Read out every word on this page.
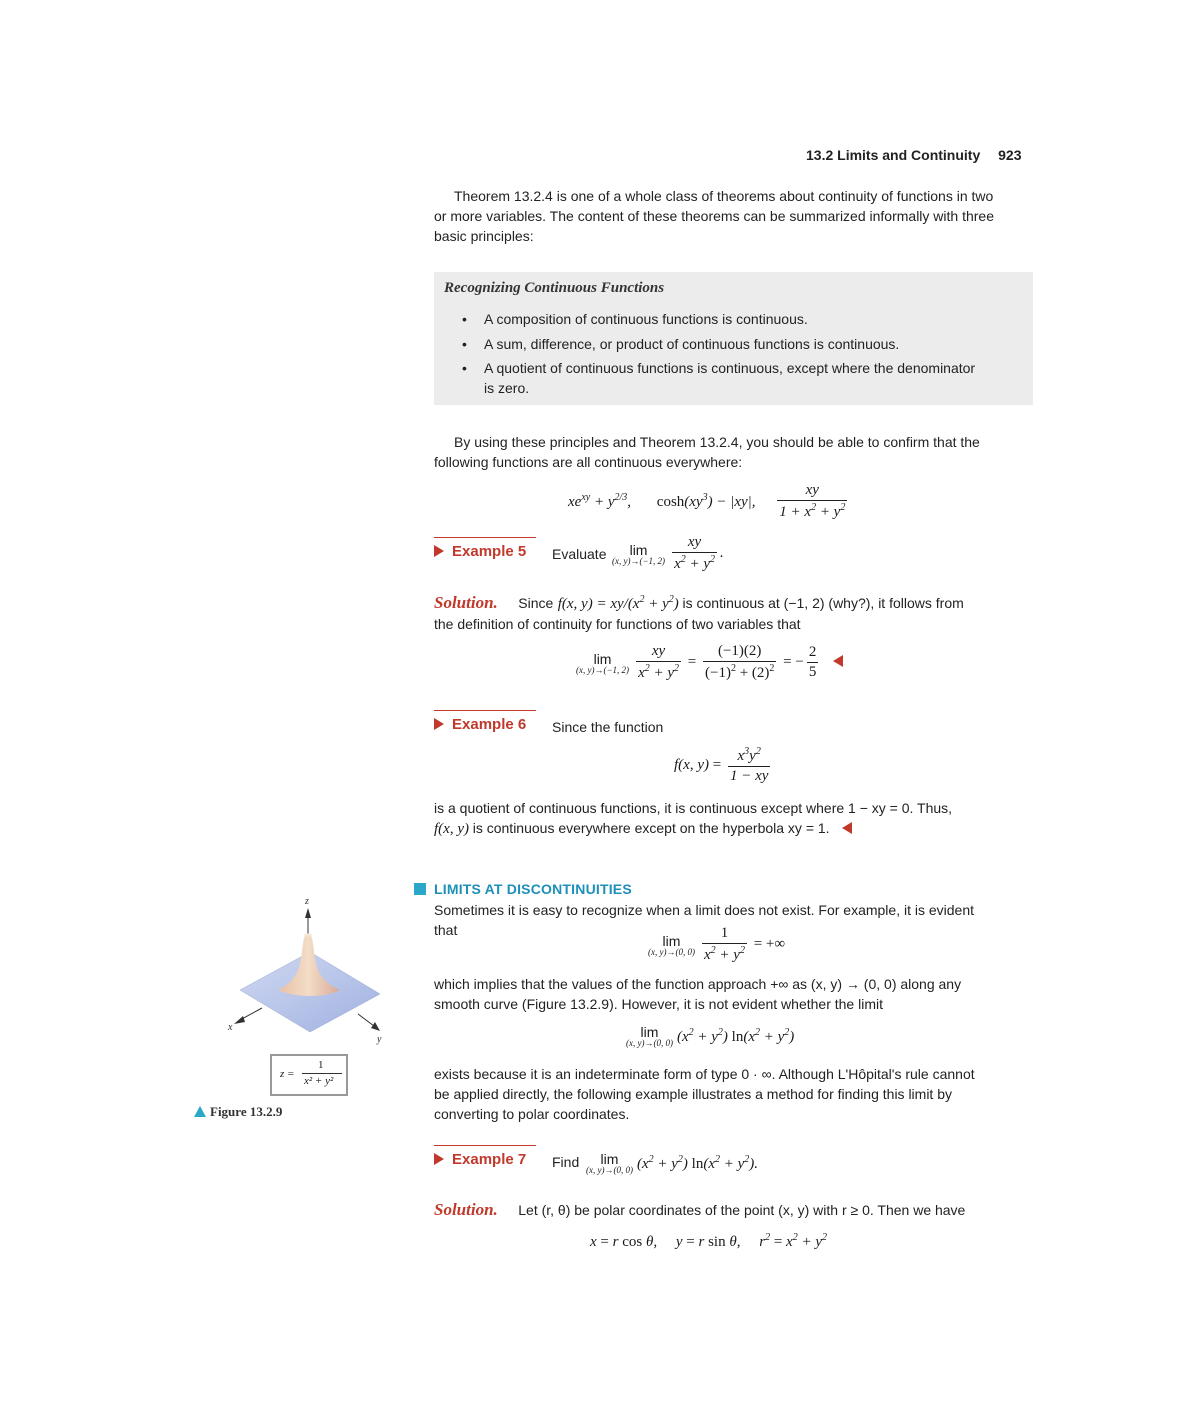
13.2 Limits and Continuity 923
Theorem 13.2.4 is one of a whole class of theorems about continuity of functions in two
or more variables. The content of these theorems can be summarized informally with three
basic principles:
Recognizing Continuous Functions
• A composition of continuous functions is continuous.
• A sum, difference, or product of continuous functions is continuous.
• A quotient of continuous functions is continuous, except where the denominator
is zero.
By using these principles and Theorem 13.2.4, you should be able to confirm that the
following functions are all continuous everywhere:
$xe^{xy} + y^{2/3}$, $\cosh(xy^3) - |xy|$, $\frac{xy}{1 + x^2 + y^2}$
Example 5 Evaluate lim
(x, y)→(−1, $2) \frac{xy}{x^2 + y^2}$ .
Solution. Since f(x, $y) = xy/(x^2 + y^2)$ is continuous at (−1, 2) (why?), it follows from
the definition of continuity for functions of two variables that
lim
(x, y)→(−1, $2) \frac{xy}{x^2 + y^2} = \frac{(-1)(2)}{(-1)^2 + (2)^2}$ = − $\frac{2}{5}$

Example 6 Since the function
f(x, $y) = \frac{x^3y^2}{1 - xy}$
is a quotient of continuous functions, it is continuous except where 1 − xy = 0. Thus,
f(x, y) is continuous everywhere except on the hyperbola xy = 1.
LIMITS AT DISCONTINUITIES
Sometimes it is easy to recognize when a limit does not exist. For example, it is evident
that
lim
(x, y)→(0, $0) \frac{1}{x^2 + y^2}$ = +∞
which implies that the values of the function approach +∞ as (x, y) → (0, 0) along any
smooth curve (Figure 13.2.9). However, it is not evident whether the limit
lim
(x, y)→(0, 0) $(x^2 + y^2) \ln(x^2 + y^2)$
exists because it is an indeterminate form of type 0 · ∞. Although L'Hôpital's rule cannot
be applied directly, the following example illustrates a method for finding this limit by
converting to polar coordinates.
Example 7 Find lim
(x, y)→(0, 0) $(x^2 + y^2) \ln(x^2 + y^2)$.
Solution. Let (r, θ) be polar coordinates of the point (x, y) with r ≥ 0. Then we have
x = r cos θ,     y = r sin θ,     $r^2 = x^2 + y^2$
z
x
y
z =
1
x² + y²
Figure 13.2.9
